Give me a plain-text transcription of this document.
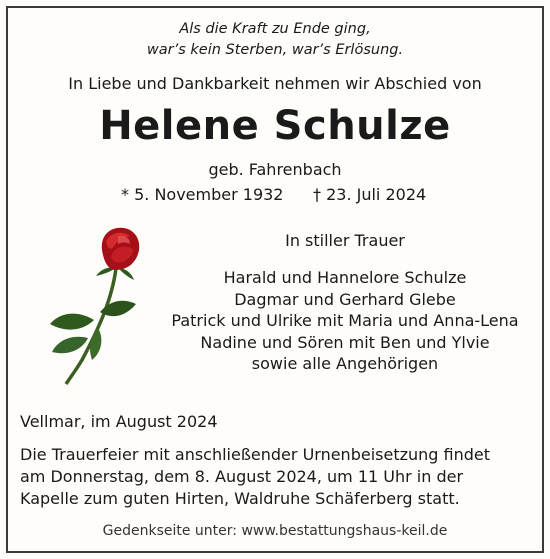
Als die Kraft zu Ende ging,
war’s kein Sterben, war’s Erlösung.
In Liebe und Dankbarkeit nehmen wir Abschied von
Helene Schulze
geb. Fahrenbach
* 5. November 1932 † 23. Juli 2024
In stiller Trauer
Harald und Hannelore Schulze
Dagmar und Gerhard Glebe
Patrick und Ulrike mit Maria und Anna-Lena
Nadine und Sören mit Ben und Ylvie
sowie alle Angehörigen
Vellmar, im August 2024
Die Trauerfeier mit anschließender Urnenbeisetzung findet
am Donnerstag, dem 8. August 2024, um 11 Uhr in der
Kapelle zum guten Hirten, Waldruhe Schäferberg statt.
Gedenkseite unter: www.bestattungshaus-keil.de
